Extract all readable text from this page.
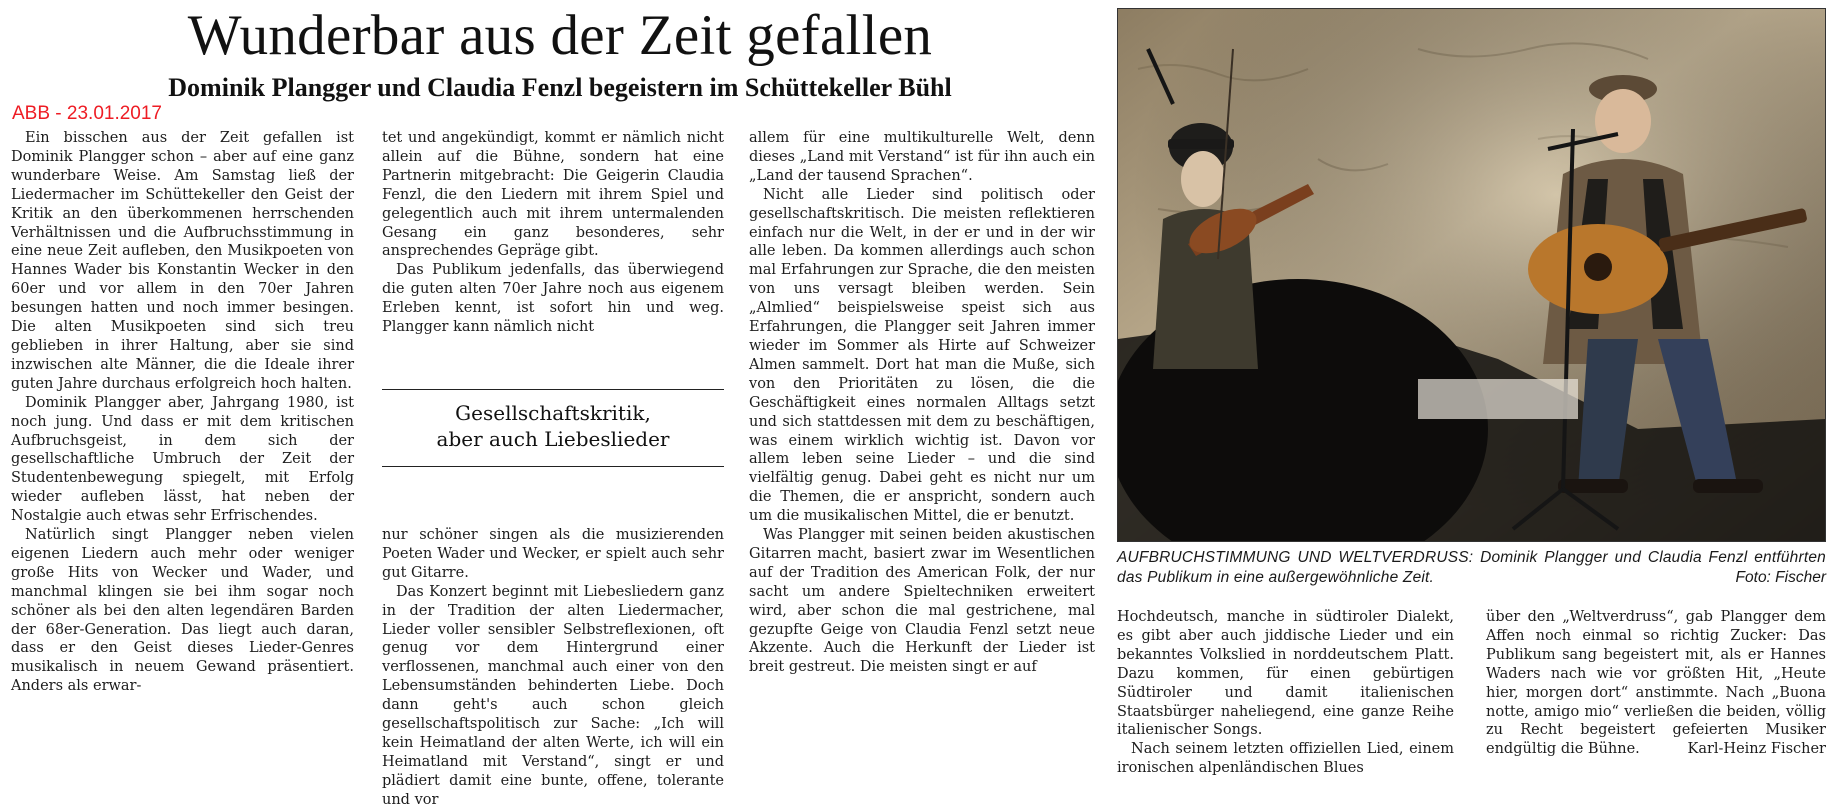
ABB - 23.01.2017
Wunderbar aus der Zeit gefallen
Dominik Plangger und Claudia Fenzl begeistern im Schüttekeller Bühl

Ein bisschen aus der Zeit gefallen ist Dominik Plangger schon – aber auf eine ganz wunderbare Weise. Am Samstag ließ der Liedermacher im Schüttekeller den Geist der Kritik an den überkommenen herrschenden Verhältnissen und die Aufbruchsstimmung in eine neue Zeit aufleben, den Musikpoeten von Hannes Wader bis Konstantin Wecker in den 60er und vor allem in den 70er Jahren besungen hatten und noch immer besingen. Die alten Musikpoeten sind sich treu geblieben in ihrer Haltung, aber sie sind inzwischen alte Männer, die die Ideale ihrer guten Jahre durchaus erfolgreich hoch halten.

Dominik Plangger aber, Jahrgang 1980, ist noch jung. Und dass er mit dem kritischen Aufbruchsgeist, in dem sich der gesellschaftliche Umbruch der Zeit der Studentenbewegung spiegelt, mit Erfolg wieder aufleben lässt, hat neben der Nostalgie auch etwas sehr Erfrischendes.

Natürlich singt Plangger neben vielen eigenen Liedern auch mehr oder weniger große Hits von Wecker und Wader, und manchmal klingen sie bei ihm sogar noch schöner als bei den alten legendären Barden der 68er-Generation. Das liegt auch daran, dass er den Geist dieses Lieder-Genres musikalisch in neuem Gewand präsentiert. Anders als erwar-

tet und angekündigt, kommt er nämlich nicht allein auf die Bühne, sondern hat eine Partnerin mitgebracht: Die Geigerin Claudia Fenzl, die den Liedern mit ihrem Spiel und gelegentlich auch mit ihrem untermalenden Gesang ein ganz besonderes, sehr ansprechendes Gepräge gibt.

Das Publikum jedenfalls, das überwiegend die guten alten 70er Jahre noch aus eigenem Erleben kennt, ist sofort hin und weg. Plangger kann nämlich nicht

Gesellschaftskritik,
aber auch Liebeslieder

nur schöner singen als die musizierenden Poeten Wader und Wecker, er spielt auch sehr gut Gitarre.

Das Konzert beginnt mit Liebesliedern ganz in der Tradition der alten Liedermacher, Lieder voller sensibler Selbstreflexionen, oft genug vor dem Hintergrund einer verflossenen, manchmal auch einer von den Lebensumständen behinderten Liebe. Doch dann geht's auch schon gleich gesellschaftspolitisch zur Sache: „Ich will kein Heimatland der alten Werte, ich will ein Heimatland mit Verstand“, singt er und plädiert damit eine bunte, offene, tolerante und vor

allem für eine multikulturelle Welt, denn dieses „Land mit Verstand“ ist für ihn auch ein „Land der tausend Sprachen“.

Nicht alle Lieder sind politisch oder gesellschaftskritisch. Die meisten reflektieren einfach nur die Welt, in der er und in der wir alle leben. Da kommen allerdings auch schon mal Erfahrungen zur Sprache, die den meisten von uns versagt bleiben werden. Sein „Almlied“ beispielsweise speist sich aus Erfahrungen, die Plangger seit Jahren immer wieder im Sommer als Hirte auf Schweizer Almen sammelt. Dort hat man die Muße, sich von den Prioritäten zu lösen, die die Geschäftigkeit eines normalen Alltags setzt und sich stattdessen mit dem zu beschäftigen, was einem wirklich wichtig ist. Davon vor allem leben seine Lieder – und die sind vielfältig genug. Dabei geht es nicht nur um die Themen, die er anspricht, sondern auch um die musikalischen Mittel, die er benutzt.

Was Plangger mit seinen beiden akustischen Gitarren macht, basiert zwar im Wesentlichen auf der Tradition des American Folk, der nur sacht um andere Spieltechniken erweitert wird, aber schon die mal gestrichene, mal gezupfte Geige von Claudia Fenzl setzt neue Akzente. Auch die Herkunft der Lieder ist breit gestreut. Die meisten singt er auf

AUFBRUCHSTIMMUNG UND WELTVERDRUSS: Dominik Plangger und Claudia Fenzl entführten das Publikum in eine außergewöhnliche Zeit.	Foto: Fischer

Hochdeutsch, manche in südtiroler Dialekt, es gibt aber auch jiddische Lieder und ein bekanntes Volkslied in norddeutschem Platt. Dazu kommen, für einen gebürtigen Südtiroler und damit italienischen Staatsbürger naheliegend, eine ganze Reihe italienischer Songs.

Nach seinem letzten offiziellen Lied, einem ironischen alpenländischen Blues

über den „Weltverdruss“, gab Plangger dem Affen noch einmal so richtig Zucker: Das Publikum sang begeistert mit, als er Hannes Waders nach wie vor größten Hit, „Heute hier, morgen dort“ anstimmte. Nach „Buona notte, amigo mio“ verließen die beiden, völlig zu Recht begeistert gefeierten Musiker endgültig die Bühne.	Karl-Heinz Fischer
